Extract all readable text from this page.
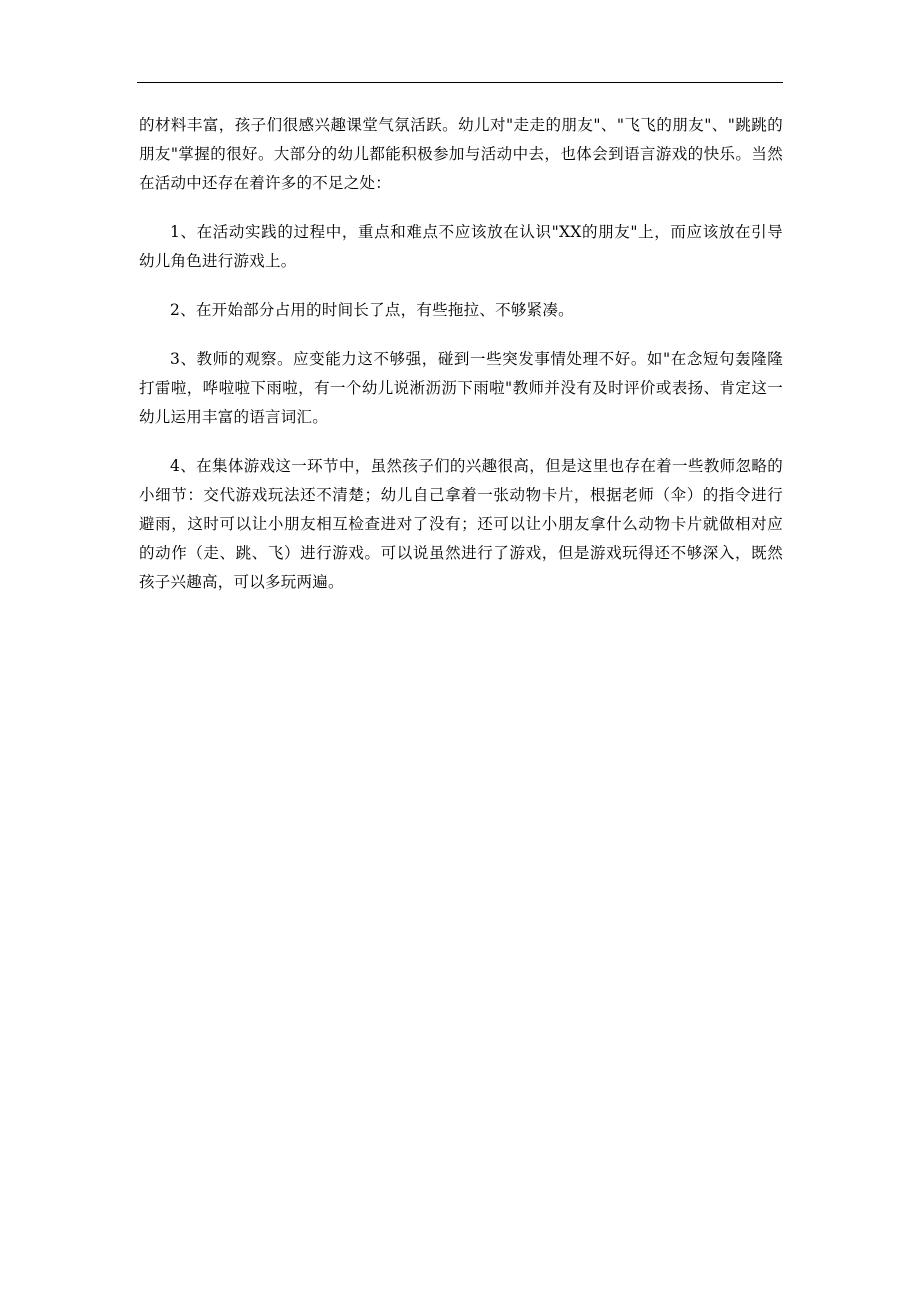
的材料丰富，孩子们很感兴趣课堂气氛活跃。幼儿对"走走的朋友"、"飞飞的朋友"、"跳跳的朋友"掌握的很好。大部分的幼儿都能积极参加与活动中去，也体会到语言游戏的快乐。当然在活动中还存在着许多的不足之处：

1、在活动实践的过程中，重点和难点不应该放在认识"XX的朋友"上，而应该放在引导幼儿角色进行游戏上。

2、在开始部分占用的时间长了点，有些拖拉、不够紧凑。

3、教师的观察。应变能力这不够强，碰到一些突发事情处理不好。如"在念短句轰隆隆打雷啦，哗啦啦下雨啦，有一个幼儿说淅沥沥下雨啦"教师并没有及时评价或表扬、肯定这一幼儿运用丰富的语言词汇。

4、在集体游戏这一环节中，虽然孩子们的兴趣很高，但是这里也存在着一些教师忽略的小细节：交代游戏玩法还不清楚；幼儿自己拿着一张动物卡片，根据老师（伞）的指令进行避雨，这时可以让小朋友相互检查进对了没有；还可以让小朋友拿什么动物卡片就做相对应的动作（走、跳、飞）进行游戏。可以说虽然进行了游戏，但是游戏玩得还不够深入，既然孩子兴趣高，可以多玩两遍。
